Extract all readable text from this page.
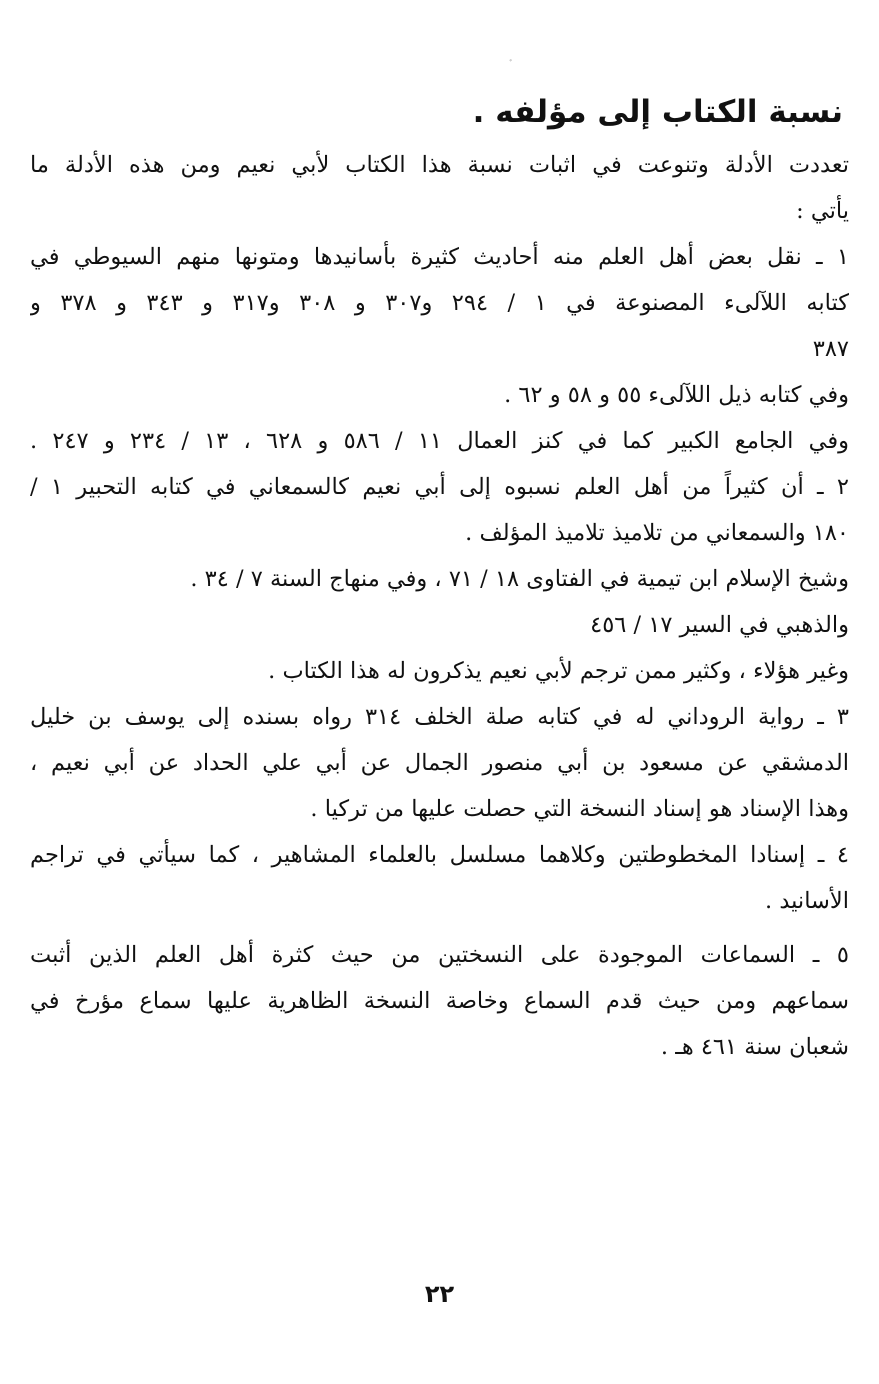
ﾞ
نسبة الكتاب إلى مؤلفه .
تعددت الأدلة وتنوعت في اثبات نسبة هذا الكتاب لأبي نعيم ومن هذه الأدلة ما
يأتي :
١ ـ نقل بعض أهل العلم منه أحاديث كثيرة بأسانيدها ومتونها منهم السيوطي في
كتابه اللآلىء المصنوعة في ١ / ٢٩٤ و٣٠٧ و ٣٠٨ و٣١٧ و ٣٤٣ و ٣٧٨ و
٣٨٧
وفي كتابه ذيل اللآلىء ٥٥ و ٥٨ و ٦٢ .
وفي الجامع الكبير كما في كنز العمال ١١ / ٥٨٦ و ٦٢٨ ، ١٣ / ٢٣٤ و ٢٤٧ .
٢ ـ أن كثيراً من أهل العلم نسبوه إلى أبي نعيم كالسمعاني في كتابه التحبير ١ /
١٨٠ والسمعاني من تلاميذ تلاميذ المؤلف .
وشيخ الإسلام ابن تيمية في الفتاوى ١٨ / ٧١ ، وفي منهاج السنة ٧ / ٣٤ .
والذهبي في السير ١٧ / ٤٥٦
وغير هؤلاء ، وكثير ممن ترجم لأبي نعيم يذكرون له هذا الكتاب .
٣ ـ رواية الروداني له في كتابه صلة الخلف ٣١٤ رواه بسنده إلى يوسف بن خليل
الدمشقي عن مسعود بن أبي منصور الجمال عن أبي علي الحداد عن أبي نعيم ،
وهذا الإسناد هو إسناد النسخة التي حصلت عليها من تركيا .
٤ ـ إسنادا المخطوطتين وكلاهما مسلسل بالعلماء المشاهير ، كما سيأتي في تراجم
الأسانيد .
٥ ـ السماعات الموجودة على النسختين من حيث كثرة أهل العلم الذين أثبت
سماعهم ومن حيث قدم السماع وخاصة النسخة الظاهرية عليها سماع مؤرخ في
شعبان سنة ٤٦١ هـ .
٢٢
